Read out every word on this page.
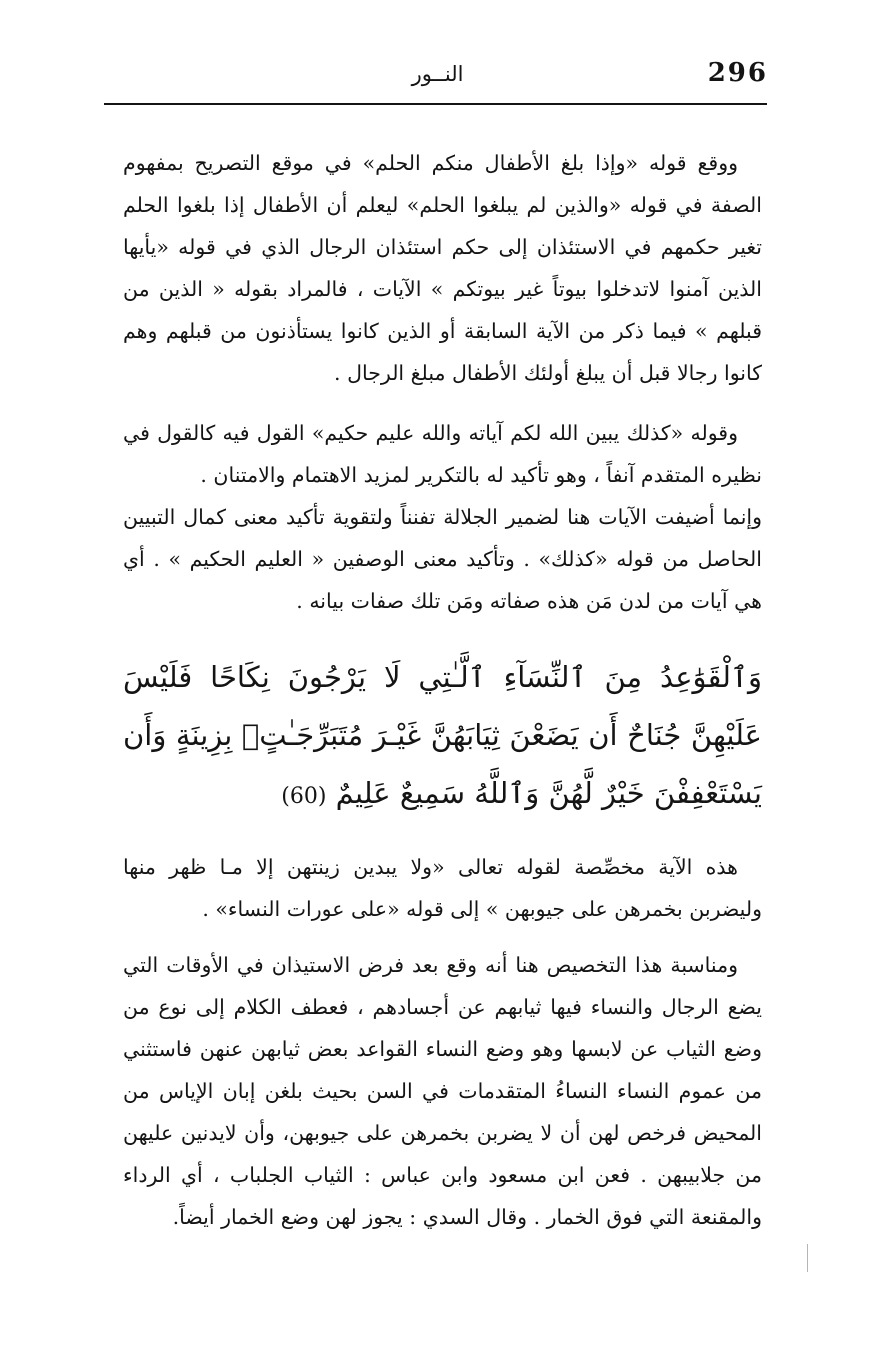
296
النــور

ووقع قوله «وإذا بلغ الأطفال منكم الحلم» في موقع التصريح بمفهوم الصفة في قوله «والذين لم يبلغوا الحلم» ليعلم أن الأطفال إذا بلغوا الحلم تغير حكمهم في الاستئذان إلى حكم استئذان الرجال الذي في قوله «يأيها الذين آمنوا لاتدخلوا بيوتاً غير بيوتكم » الآيات ، فالمراد بقوله « الذين من قبلهم » فيما ذكر من الآية السابقة أو الذين كانوا يستأذنون من قبلهم وهم كانوا رجالا قبل أن يبلغ أولئك الأطفال مبلغ الرجال .

وقوله «كذلك يبين الله لكم آياته والله عليم حكيم» القول فيه كالقول في نظيره المتقدم آنفاً ، وهو تأكيد له بالتكرير لمزيد الاهتمام والامتنان .

وإنما أضيفت الآيات هنا لضمير الجلالة تفنناً ولتقوية تأكيد معنى كمال التبيين الحاصل من قوله «كذلك» . وتأكيد معنى الوصفين « العليم الحكيم » . أي هي آيات من لدن مَن هذه صفاته ومَن تلك صفات بيانه .

وَٱلْقَوَٰعِدُ مِنَ ٱلنِّسَآءِ ٱلَّـٰتِي لَا يَرْجُونَ نِكَاحًا فَلَيْسَ عَلَيْهِنَّ جُنَاحٌ أَن يَضَعْنَ ثِيَابَهُنَّ غَيْـرَ مُتَبَرِّجَـٰتٍۭ بِزِينَةٍ وَأَن يَسْتَعْفِفْنَ خَيْرٌ لَّهُنَّ وَٱللَّهُ سَمِيعٌ عَلِيمٌ (60)

هذه الآية مخصِّصة لقوله تعالى «ولا يبدين زينتهن إلا مـا ظهر منها وليضربن بخمرهن على جيوبهن » إلى قوله «على عورات النساء» .

ومناسبة هذا التخصيص هنا أنه وقع بعد فرض الاستيذان في الأوقات التي يضع الرجال والنساء فيها ثيابهم عن أجسادهم ، فعطف الكلام إلى نوع من وضع الثياب عن لابسها وهو وضع النساء القواعد بعض ثيابهن عنهن فاستثني من عموم النساء النساءُ المتقدمات في السن بحيث بلغن إبان الإياس من المحيض فرخص لهن أن لا يضربن بخمرهن على جيوبهن، وأن لايدنين عليهن من جلابيبهن . فعن ابن مسعود وابن عباس : الثياب الجلباب ، أي الرداء والمقنعة التي فوق الخمار . وقال السدي : يجوز لهن وضع الخمار أيضاً.
